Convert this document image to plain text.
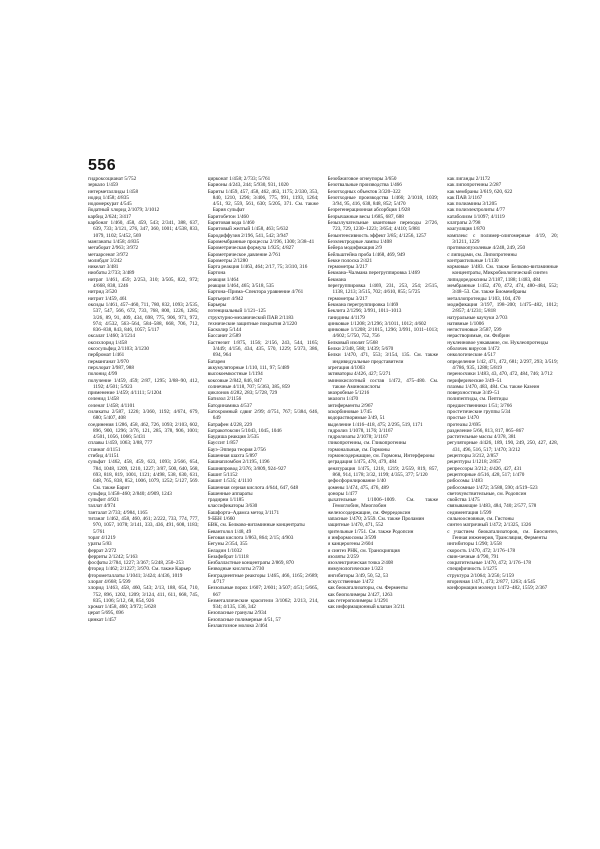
556
гидроксоцианат 5/752
зеркало 1/459
интерметаллиды 1/458
иодид 1/458; 4/835
иодомеркурат 4/545
йодатный хлорид 2/1079; 3/1012
карбид 2/624; 3/417
карбонат 1/460, 458, 459, 543; 2/341, 388, 637, 639, 733; 3/121, 276, 347, 360, 1001; 4/538, 833, 1079, 1102; 5/452, 569
манганаты 1/458; 4/835
метаборат 2/963; 3/972
метаарсенат 3/972
молибдат 3/242
никелат 3/481
ниобаты 2/733; 3/489
нитрат 1/461, 459; 2/253, 310; 3/505, 822, 972; 4/668, 838, 1246
нитрид 3/520
нитрит 1/459, 461
оксиды 1/461, 457–460, 711, 780, 832, 1093; 2/535, 537, 547, 566, 672, 733, 768, 800, 1226, 1285; 3/26, 89, 91, 409, 434, 698, 775, 906, 971, 972, 974; 4/532, 563–564, 584–588, 668, 706, 712, 836–838, 843, 846, 1057; 5/117
оксалат 1/460; 3/1214
оксихлорид 1/458
оксосульфид 2/1103; 3/1230
пербромат 1/461
перманганат 3/970
перхлорат 3/987, 988
полонид 4/99
получение 1/459, 459; 2/87, 1295; 3/88–90, 412, 1192; 4/501; 5/923
применение 1/459; 4/1111; 5/1204
селенид 1/458
селенат 1/458; 4/1101
силикаты 2/587, 1226; 3/360, 1192; 4/674, 679, 680; 5/407, 408
соединения 1/286, 458, 462, 726, 1093; 2/103, 602, 896, 900, 1296; 3/76, 121, 285, 378, 906, 1001; 4/501, 1056, 1066; 5/431
сплавы 1/459, 1063; 3/88, 777
станнат 4/1151
стибид 4/1151
сульфат 1/462, 458, 459, 623, 1093; 2/566, 654, 784, 1048, 1209, 1210, 1227; 3/87, 500, 640, 568, 693, 818, 819, 1001, 1121; 4/498, 538, 630, 631, 648, 765, 838, 852, 1006, 1079, 1252; 5/127, 569. См. также Барит
сульфид 1/458–460; 2/840; 4/909, 1243
сульфит 4/921
таллат 4/974
танталат 2/733; 4/984, 1165
титанат 1/462, 458, 460, 461; 2/222, 733, 774, 777, 970, 1057, 1078; 3/141, 333, 436, 491, 608, 1183; 5/761
торат 4/1219
ураты 5/83
феррат 2/272
ферриты 2/1242; 5/163
фосфаты 2/784, 1227; 3/367; 5/248, 250–253
фторид 1/462; 2/1227; 3/970. См. также Карьер
фторометаллаты 1/1041; 3/424; 4/436, 1019
хлорат 4/668; 5/599
хлорид 1/463, 458, 460, 543; 2/13, 188, 654, 710, 752, 896, 1202, 1209; 3/124, 411, 611, 668, 745, 835, 1106; 5/12, 68, 854, 926
хромат 1/458, 460; 3/972; 5/628
церат 5/695, 696
цинкат 1/457
цирконат 1/458; 2/733; 5/761
Барионы 4/243, 244; 5/930, 931, 1020
Бариты 1/459, 457, 458, 462, 463, 1175; 2/330, 353, 840, 1210, 1296; 3/406, 775, 991, 1193, 1264; 4/51, 92, 559, 561, 630; 5/205, 371. См. также Бария сульфат
Баритобетон 1/460
Баритовая вода 1/460
Баритовый желтый 1/458, 463; 5/632
Бародиффузия 2/196, 541, 542; 3/947
Баромембранные процессы 2/196, 1300; 3/38–41
Барометрическая формула 1/925; 4/827
Барометрическое давление 2/761
Барометры 2/1280
Бартa реакция 1/463, 464; 2/17, 75; 3/310, 316
Бартона
реакция 1/464
реакция 1/464, 465; 3/518, 535
Бартона–Прима–Спектора уравнение 4/761
Бартьерит 4/942
Барьеры
потенциальный 1/121–125
структурно-механический ПАВ 2/1183
технические защитные покрытия 2/1220
Басколир 5/144
Бассанит 2/589
Бастнезит 1/875, 1156; 2/156, 243, 544, 1165; 3/449; 4/156, 434, 435, 570, 1229; 5/373, 386, 694, 964
Батареи
аккумуляторные 1/110, 111, 97; 5/489
высокоемкостные 1/1194
коксовые 2/842, 846, 847
солнечные 4/118, 707; 5/363, 385, 859
циклонов 4/282, 283; 5/728, 729
Батилол 2/1156
Батодинамика 4/537
Батохромный сдвиг 2/99; 4/751, 767; 5/384, 646, 649
Батрафен 4/228, 229
Батракотоксин 5/1043, 1045, 1046
Баудиша реакция 3/535
Бауссит 1/857
Бауэ–Эппера теория 2/756
Башенная шахта 5/897
Башнапломбон 2/1195, 1196
Башняпровод 2/376; 3/809, 924–927
Башит 5/1152
Башит 1/535; 4/1110
Башенная серная кислота 4/644, 647, 648
Башенные аппараты
градирни 1/1185
классификаторы 3/630
Башфорта–Адамса метод 3/1171
9-ББН 1/660
БВК, см. Белково-витаминные концентраты
Бевантолол 1/48, 49
Беговая кислота 1/863, 864; 2/15; 4/903
Бегуны 2/354, 355
Беладин 1/1032
Безафибрат 1/1118
Безбалластные концентраты 2/869, 870
Безводные кислоты 2/730
Безградиентные реакторы 1/465, 466, 1165; 2/689; 4/717
Беззольные порох 1/607; 2/601; 3/507; 4/51; 5/665, 667
Безметаллические красители 3/1062; 2/213, 214, 934; 4/135, 136, 342
Безопасные гранулы 2/934
Безопасные полимерные 4/51, 57
Безлактозное молоко 2/464
Безобжиговое огнеупоры 3/650
Безотвальные производства 1/466
Безотходных объектов 3/320–322
Безотходные производства 1/466; 2/1018, 1039; 3/94, 95, 416, 638, 848, 852; 5/470
Безрегенерационная абсорбция 1/928
Безрычажные весы 1/685, 687, 688
Безызлучательные квантовые переходы 2/726, 723, 729, 1230–1223; 3/654; 4/410; 5/881
Безынтенсивность эффект 3/85; 4/1256, 1257
Безэлектродные лампы 1/408
Бейера модификация 2/9
Бейльштейна проба 1/468, 469, 949
Бекке полоска 2/421
термометры 3/217
Бекмана–Чалмана перегруппировка 1/469
Бекмана
перегруппировка 1/469, 231, 253, 254; 2/515, 1138, 1213; 3/515, 702; 4/610, 855; 5/725
термометры 3/217
Бекмана перегруппировка 1/469
Беклита 2/1296; 3/991, 1011–1013
танидины 4/1179
цинковые 1/1208; 2/1296; 3/1011, 1012; 4/602
цинковые 1/1208; 2/1015, 1296; 3/991, 1011–1013; 4/602; 5/750, 752, 756
Белковый изолят 5/568
Белки 2/348, 588; 1/439; 5/670
Белки 1/470, 471, 553; 3/154, 135. См. также индивидуальные представители
агрегация 4/1003
активаторы 4/426, 427; 5/271
аминокислотный состав 1/472, 475–480. См. также Аминокислоты
анаэробные 5/1216
аналоги 1/470
антиферменты 2/967
аскорбиновые 1/745
водорастворимые 3/49, 51
выделение 1/416–418, 475; 2/295, 519, 1171
гидролиз 1/1078, 1176; 3/1167
гидролизаты 2/1078; 3/1167
гликопротеины, см. Гликопротеины
гормональные, см. Гормоны
гормонсодержащие, см. Гормоны, Интерфероны
деградация 1/475, 478, 479, 484
денатурация 1/475, 1218, 1219; 2/559, 819, 857, 868, 914, 1178; 3/32, 1199; 4/355, 377; 5/120
дефосфорилирование 1/40
домены 1/474, 475, 476, 489
доноры 1/477
дыхательные 1/1006–1009. См. также Гемоглобин, Миоглобин
железосодержащие, см. Ферредоксин
запасные 1/470; 2/559. См. также Проламин
защитные 1/470, 471, 552
зрительные 1/751. См. также Родопсин
и информосомы 3/599
и канцерогены 2/604
и синтез РНК, см. Транскрипция
изоляты 2/259
изоэлектрическая точка 2/408
иммунологические 1/323
ингибиторы 3/49, 50, 52, 53
искусственные 1/472
как биокатализаторы, см. Ферменты
как биополимеры 2/427, 1263
как гетерополимеры 1/1291
как информационный клапан 3/211
как лиганды 2/1172
как липопротеины 2/287
как мембраны 3/619, 620, 622
как ПАВ 3/1167
как полиамины 3/1205
как полиэлектролиты 4/77
катаболизм 1/1097; 4/1119
клатраты 2/798
коагуляция 1/870
комплекс с полимер-олигомерные 4/19, 20; 3/1211, 1229
противоопухолевые 4/248, 249, 250
с липидами, см. Липопротеины
контрактильные 1/1130
кормовые 1/483. См. также Белково-витаминные концентраты, Микробиологический синтез
липидоредоксины 2/1187, 1188; 1/483, 484
мембранные 1/452, 470, 472, 474, 480–484, 552; 3/48–53. См. также Биомембраны
металлопротеиды 1/103, 104, 470
модификация 3/197, 198–200; 1/475–482, 1012; 2/857; 4/1231; 5/818
натуральные каучуки 2/703
нативные 1/1006
негистоновые 3/587, 599
нерастворимые, см. Фибрин
нуклеиновое ункавание, см. Нуклеопротеиды
оболочек вирусов 1/472
онкологические 4/517
определение 1/42, 471, 472, 681; 2/297, 293; 3/519; 4/786, 935, 1288; 5/819
переносчики 1/483, 43, 470, 472, 484, 746; 3/712
периферические 3/49–51
плазмы 1/470, 483, 484. См. также Казеин
поверхностные 3/49–51
полипептиды, см. Пептиды
предшественники 1/51; 3/766
простетические группы 5/34
простые 1/470
протеазы 2/695
разделение 5/66, 813, 817, 865–867
растительные массы 4/378, 381
регуляторные 4/426, 189, 190, 249, 250, 427, 428, 431, 496, 516, 517; 1/470; 3/212
рецепторы 3/212, 2/857
рецептуры 1/1218; 2/857
репрессоры 3/212; 4/426, 427, 431
рецепторные 4/516, 428, 517; 1/470
рибосомы 1/483
рибосомные 1/472; 3/588, 590; 4/519–523
светочувствительные, см. Родопсин
свойства 1/475
связывающие 1/483, 484, 740; 2/577, 578
седиментация 1/599
сильноосновные, см. Гистоны
синтез матричный 1/472; 2/1325, 1326
с участием биокатализаторов, см. Биосинтез, Генная инженерия, Трансляция, Ферменты
ингибиторы 1/290; 3/558
скорость 1/470, 472; 3/176–178
свин-чечные 4/790, 791
сократительные 1/470, 472; 3/176–178
специфичность 1/1275
структура 2/1064; 3/256; 5/159
вторичная 1/471, 473; 2/877, 1263; 4/545
конформация молекул 1/472–482, 1559; 2/367
